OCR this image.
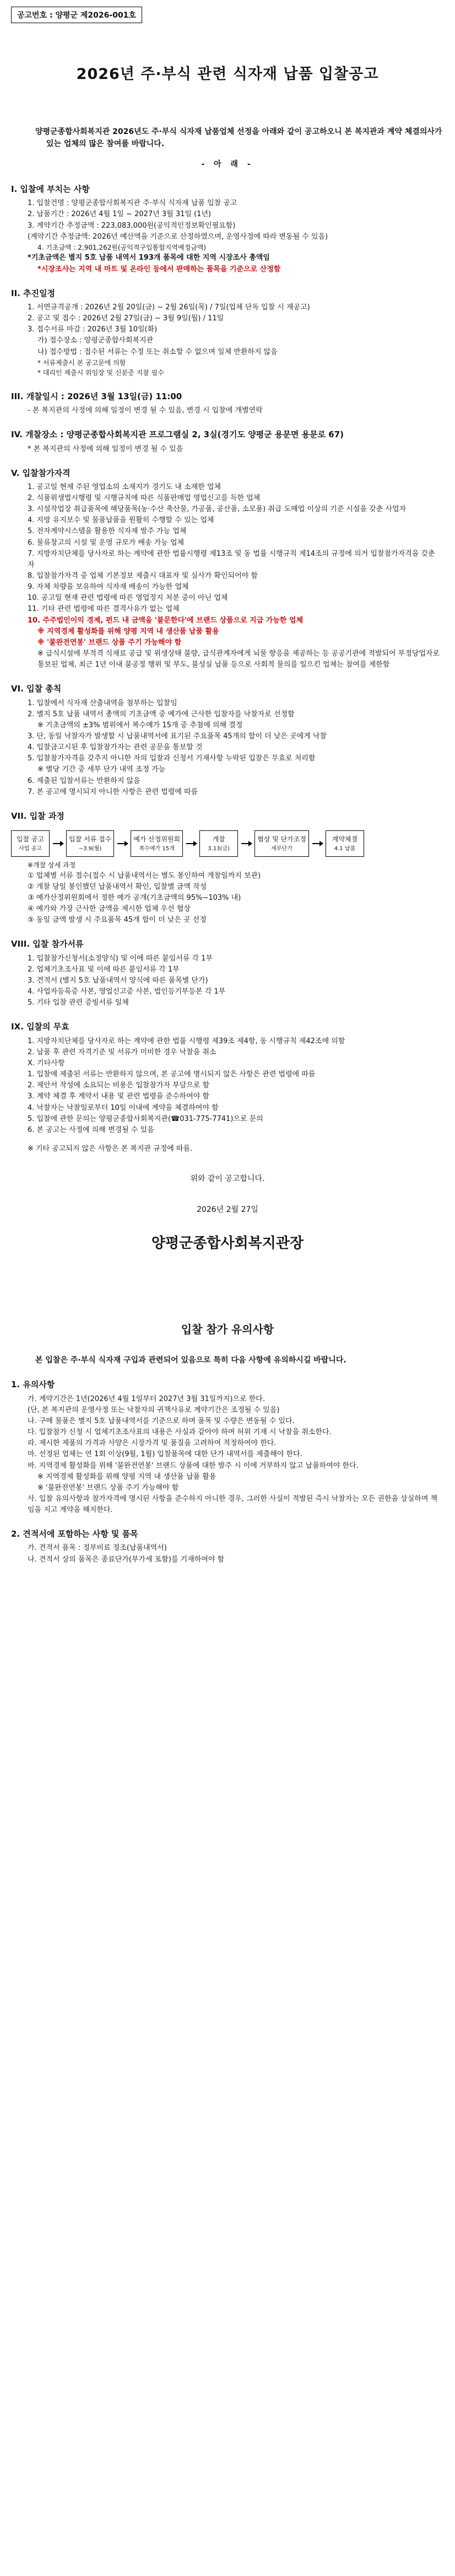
공고번호 : 양평군 제2026-001호
2026년 주·부식 관련 식자재 납품 입찰공고

양평군종합사회복지관 2026년도 주·부식 식자재 납품업체 선정을 아래와 같이 공고하오니 본 복지관과 계약 체결의사가 있는 업체의 많은 참여를 바랍니다.

- 아 래 -
I. 입찰에 부치는 사항

1. 입찰건명 : 양평군종합사회복지관 주·부식 식자재 납품 입찰 공고

2. 납품기간 : 2026년 4월 1일 ~ 2027년 3월 31일 (1년)

3. 계약기간 추정금액 : 223,083,000원(공익적인정보확인필요함)

(계약기간 추정금액: 2026년 예산액을 기준으로 산정하였으며, 운영사정에 따라 변동될 수 있음)

4. 기초금액 : 2,901,262원(공익적구입통합지역예정금액)

*기초금액은 별지 5호 납품 내역서 193개 품목에 대한 지역 시장조사 총액임

*시장조사는 지역 내 마트 및 온라인 등에서 판매하는 품목을 기준으로 산정함

II. 추진일정

1. 서면규격공개 : 2026년 2월 20일(금) ~ 2월 26일(목) / 7일(업체 단독 입찰 시 재공고)

2. 공고 및 접수 : 2026년 2월 27일(금) ~ 3월 9일(월) / 11일

3. 접수서류 마감 : 2026년 3월 10일(화)

가) 접수장소 : 양평군종합사회복지관

나) 접수방법 : 접수된 서류는 수정 또는 취소할 수 없으며 일체 반환하지 않음

* 서류제출시 본 공고문에 의함

* 대리인 제출시 위임장 및 신분증 지참 필수

III. 개찰일시 : 2026년 3월 13일(금) 11:00

- 본 복지관의 사정에 의해 일정이 변경 될 수 있음, 변경 시 입찰에 개별연락

IV. 개찰장소 : 양평군종합사회복지관 프로그램실 2, 3실(경기도 양평군 용문면 용문로 67)

* 본 복지관의 사정에 의해 일정이 변경 될 수 있음

V. 입찰참가자격

1. 공고일 현재 주된 영업소의 소재지가 경기도 내 소재한 업체

2. 식품위생법시행령 및 시행규칙에 따른 식품판매업 영업신고를 득한 업체

3. 시설작업장 취급품목에 해당품목(농·수산 축산물, 가공품, 공산품, 소모품) 취급 도매업 이상의 기준 시설을 갖춘 사업자

4. 지방 유지보수 및 물품납품을 원활히 수행할 수 있는 업체

5. 전자계약시스템을 활용한 식자재 발주 가능 업체

6. 물류창고의 시설 및 운영 규모가 배송 가능 업체

7. 지방자치단체를 당사자로 하는 계약에 관한 법률시행령 제13조 및 동 법률 시행규칙 제14조의 규정에 의거 입찰참가자격을 갖춘 자

8. 입찰참가자격 중 업체 기본정보 제출시 대표자 및 실사가 확인되어야 함

9. 자체 차량을 보유하여 식자재 배송이 가능한 업체

10. 공고일 현재 관련 법령에 따른 영업정지 처분 중이 아닌 업체

11. 기타 관련 법령에 따른 결격사유가 없는 업체

10. 주주법인이익 경제, 펀드 내 금액을 '불문한다'에 브랜드 상품으로 지급 가능한 업체

※ 지역경제 활성화를 위해 양평 지역 내 생산품 납품 활용

※ '불완전연봉' 브랜드 상품 주기 가능해야 함

※ 급식시설에 부적격 식재료 공급 및 위생상태 불량, 급식관계자에게 뇌물 향응을 제공하는 등 공공기관에 적발되어 부정당업자로 통보된 업체, 최근 1년 이내 불공정 행위 및 부도, 불성실 납품 등으로 사회적 물의를 일으킨 업체는 참여를 제한함

VI. 입찰 총칙

1. 입찰에서 식자재 산출내역을 첨부하는 입찰임

2. 별지 5호 납품 내역서 총액의 기초금액 중 예가에 근사한 입찰자를 낙찰자로 선정함

※ 기초금액의 ±3% 범위에서 복수예가 15개 중 추첨에 의해 결정

3. 단, 동일 낙찰자가 발생할 시 납품내역서에 표기된 주요품목 45개의 합이 더 낮은 곳에게 낙찰

4. 입찰금고시된 후 입찰참가자는 관련 공문을 통보할 것

5. 입찰참가자격을 갖추지 아니한 자의 입찰과 신청서 기재사항 누락된 입찰은 무효로 처리함

※ 별당 기간 중 세부 단가 내역 조정 가능

6. 제출된 입찰서류는 반환하지 않음

7. 본 공고에 명시되지 아니한 사항은 관련 법령에 따름

VII. 입찰 과정
입찰 공고
사업 공고
입찰 서류 접수
~3.9(월)
예가 산정위원회
복수예가 15개
개찰
3.13(금)
협상 및 단가조정
세부단가
계약체결
4.1 납품

※개찰 상세 과정

① 업체별 서류 접수(접수 시 납품내역서는 별도 봉인하여 개찰일까지 보관)

② 개찰 당일 봉인했던 납품내역서 확인, 입찰별 금액 작성

③ 예가산정위원회에서 정한 예가 공개(기초금액의 95%~103% 내)

④ 예가와 가장 근사한 금액을 제시한 업체 우선 협상

⑤ 동일 금액 발생 시 주요품목 45개 합이 더 낮은 곳 선정

VIII. 입찰 참가서류

1. 입찰참가신청서(소정양식) 및 이에 따른 붙임서류 각 1부

2. 업체기초조사표 및 이에 따른 붙임서류 각 1부

3. 견적서 (별지 5호 납품내역서 양식에 따른 품목별 단가)

4. 사업자등록증 사본, 영업신고증 사본, 법인등기부등본 각 1부

5. 기타 입찰 관련 증빙서류 일체

IX. 입찰의 무효

1. 지방자치단체를 당사자로 하는 계약에 관한 법률 시행령 제39조 제4항, 동 시행규칙 제42조에 의함

2. 납품 후 관련 자격기준 및 서류가 미비한 경우 낙찰을 취소

X. 기타사항

1. 입찰에 제출된 서류는 반환하지 않으며, 본 공고에 명시되지 않은 사항은 관련 법령에 따름

2. 제안서 작성에 소요되는 비용은 입찰참가자 부담으로 함

3. 계약 체결 후 계약서 내용 및 관련 법령을 준수하여야 함

4. 낙찰자는 낙찰일로부터 10일 이내에 계약을 체결하여야 함

5. 입찰에 관한 문의는 양평군종합사회복지관(☎031-775-7741)으로 문의

6. 본 공고는 사정에 의해 변경될 수 있음

※ 기타 공고되지 않은 사항은 본 복지관 규정에 따름.

위와 같이 공고합니다.
2026년 2월 27일
양평군종합사회복지관장
입찰 참가 유의사항

본 입찰은 주·부식 식자재 구입과 관련되어 있음으로 특히 다음 사항에 유의하시길 바랍니다.

1. 유의사항

가. 계약기간은 1년(2026년 4월 1일부터 2027년 3월 31일까지)으로 한다.

(단, 본 복지관의 운영사정 또는 낙찰자의 귀책사유로 계약기간은 조정될 수 있음)

나. 구매 물품은 별지 5호 납품내역서를 기준으로 하며 품목 및 수량은 변동될 수 있다.

다. 입찰참가 신청 시 업체기초조사표의 내용은 사실과 같아야 하며 허위 기재 시 낙찰을 취소한다.

라. 제시한 제품의 가격과 사양은 시장가격 및 품질을 고려하여 적정하여야 한다.

마. 선정된 업체는 연 1회 이상(9월, 1월) 입찰품목에 대한 단가 내역서를 제출해야 한다.

바. 지역경제 활성화를 위해 '불완전연봉' 브랜드 상품에 대한 발주 시 이에 거부하지 않고 납품하여야 한다.

※ 지역경제 활성화를 위해 양평 지역 내 생산품 납품 활용

※ '불완전연봉' 브랜드 상품 주기 가능해야 함

사. 입찰 유의사항과 참가자격에 명시된 사항을 준수하지 아니한 경우, 그러한 사실이 적발된 즉시 낙찰자는 모든 권한을 상실하며 책임을 지고 계약을 해지한다.

2. 견적서에 포함하는 사항 및 품목

가. 견적서 품목 : 정부비료 정조(납품내역서)

나. 견적서 상의 품목은 종료단가(부가세 포함)를 기재하여야 함
